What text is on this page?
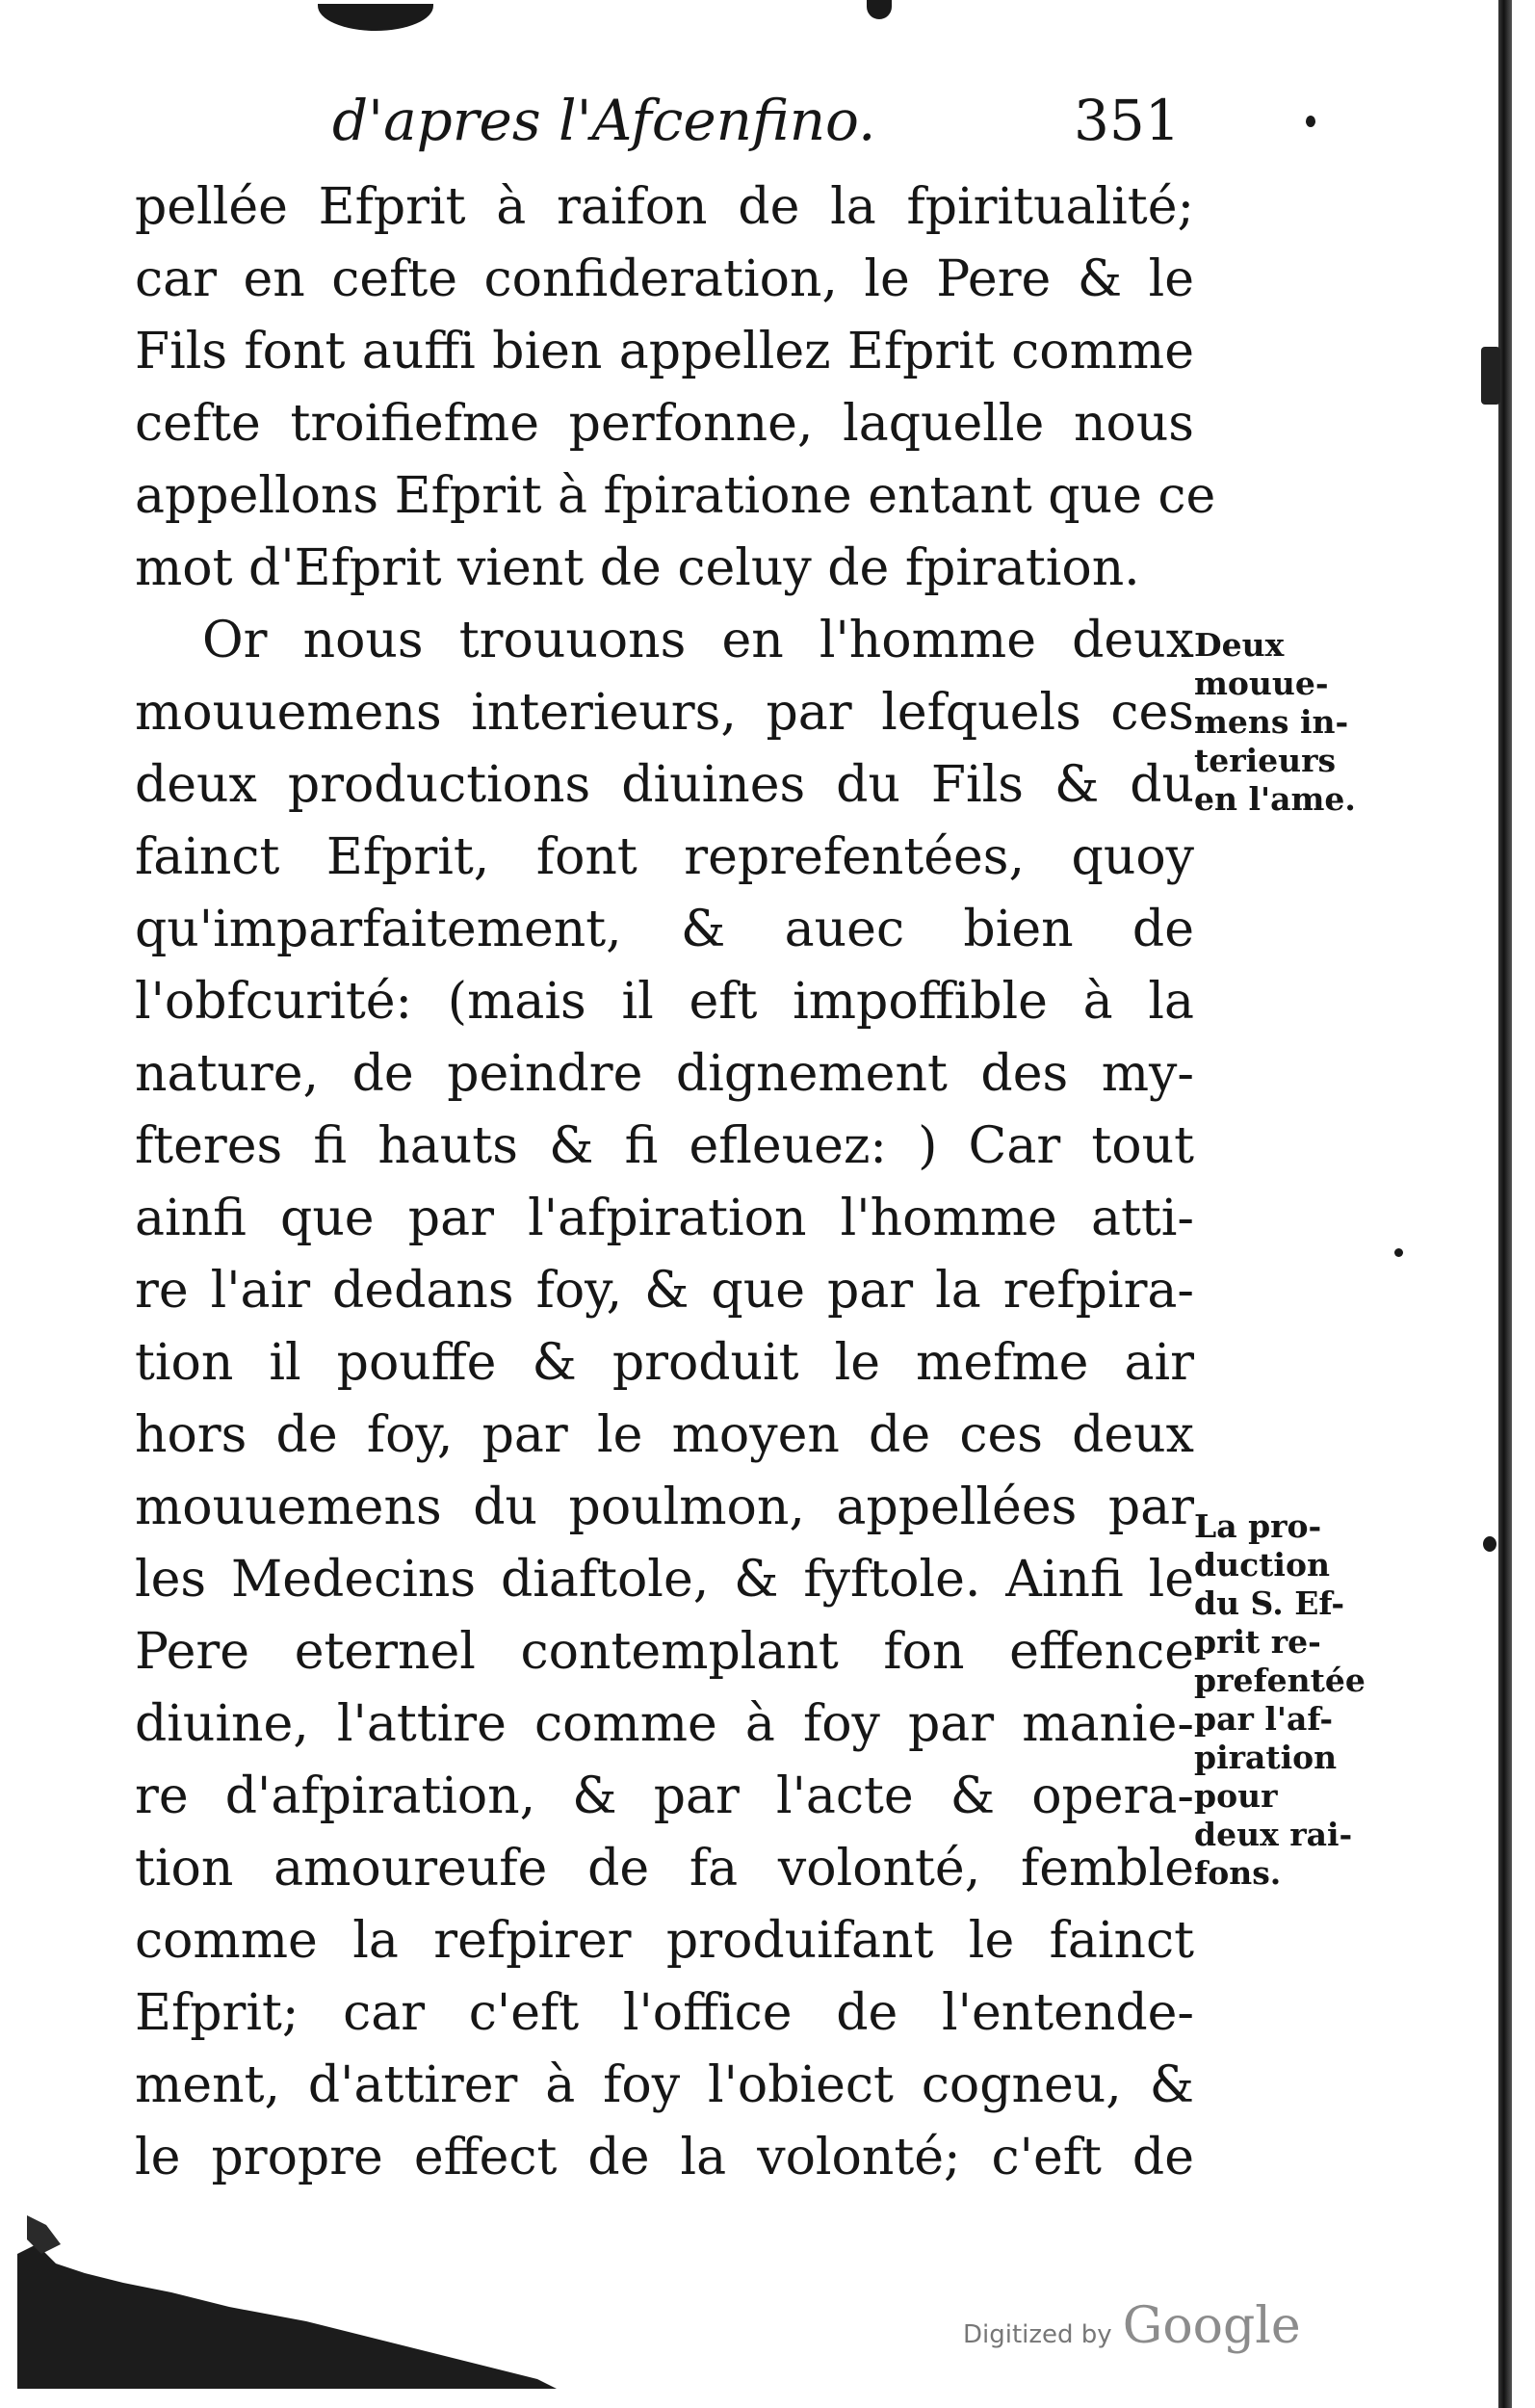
d'apres l'Afcenfino.	351
pellée Efprit à raifon de la fpiritualité;
car en cefte confideration, le Pere & le
Fils font auffi bien appellez Efprit comme
cefte troifiefme perfonne, laquelle nous
appellons Efprit à fpiratione entant que ce
mot d'Efprit vient de celuy de fpiration.
Or nous trouuons en l'homme deux
mouuemens interieurs, par lefquels ces
deux productions diuines du Fils & du
fainct Efprit, font reprefentées, quoy
qu'imparfaitement, & auec bien de
l'obfcurité: (mais il eft impoffible à la
nature, de peindre dignement des my-
fteres fi hauts & fi efleuez: ) Car tout
ainfi que par l'afpiration l'homme atti-
re l'air dedans foy, & que par la refpira-
tion il pouffe & produit le mefme air
hors de foy, par le moyen de ces deux
mouuemens du poulmon, appellées par
les Medecins diaftole, & fyftole. Ainfi le
Pere eternel contemplant fon effence
diuine, l'attire comme à foy par manie-
re d'afpiration, & par l'acte & opera-
tion amoureufe de fa volonté, femble
comme la refpirer produifant le fainct
Efprit; car c'eft l'office de l'entende-
ment, d'attirer à foy l'obiect cogneu, &
le propre effect de la volonté; c'eft de
Deux
mouue-
mens in-
terieurs
en l'ame.
La pro-
duction
du S. Ef-
prit re-
prefentée
par l'af-
piration
pour
deux rai-
fons.
Digitized by Google
